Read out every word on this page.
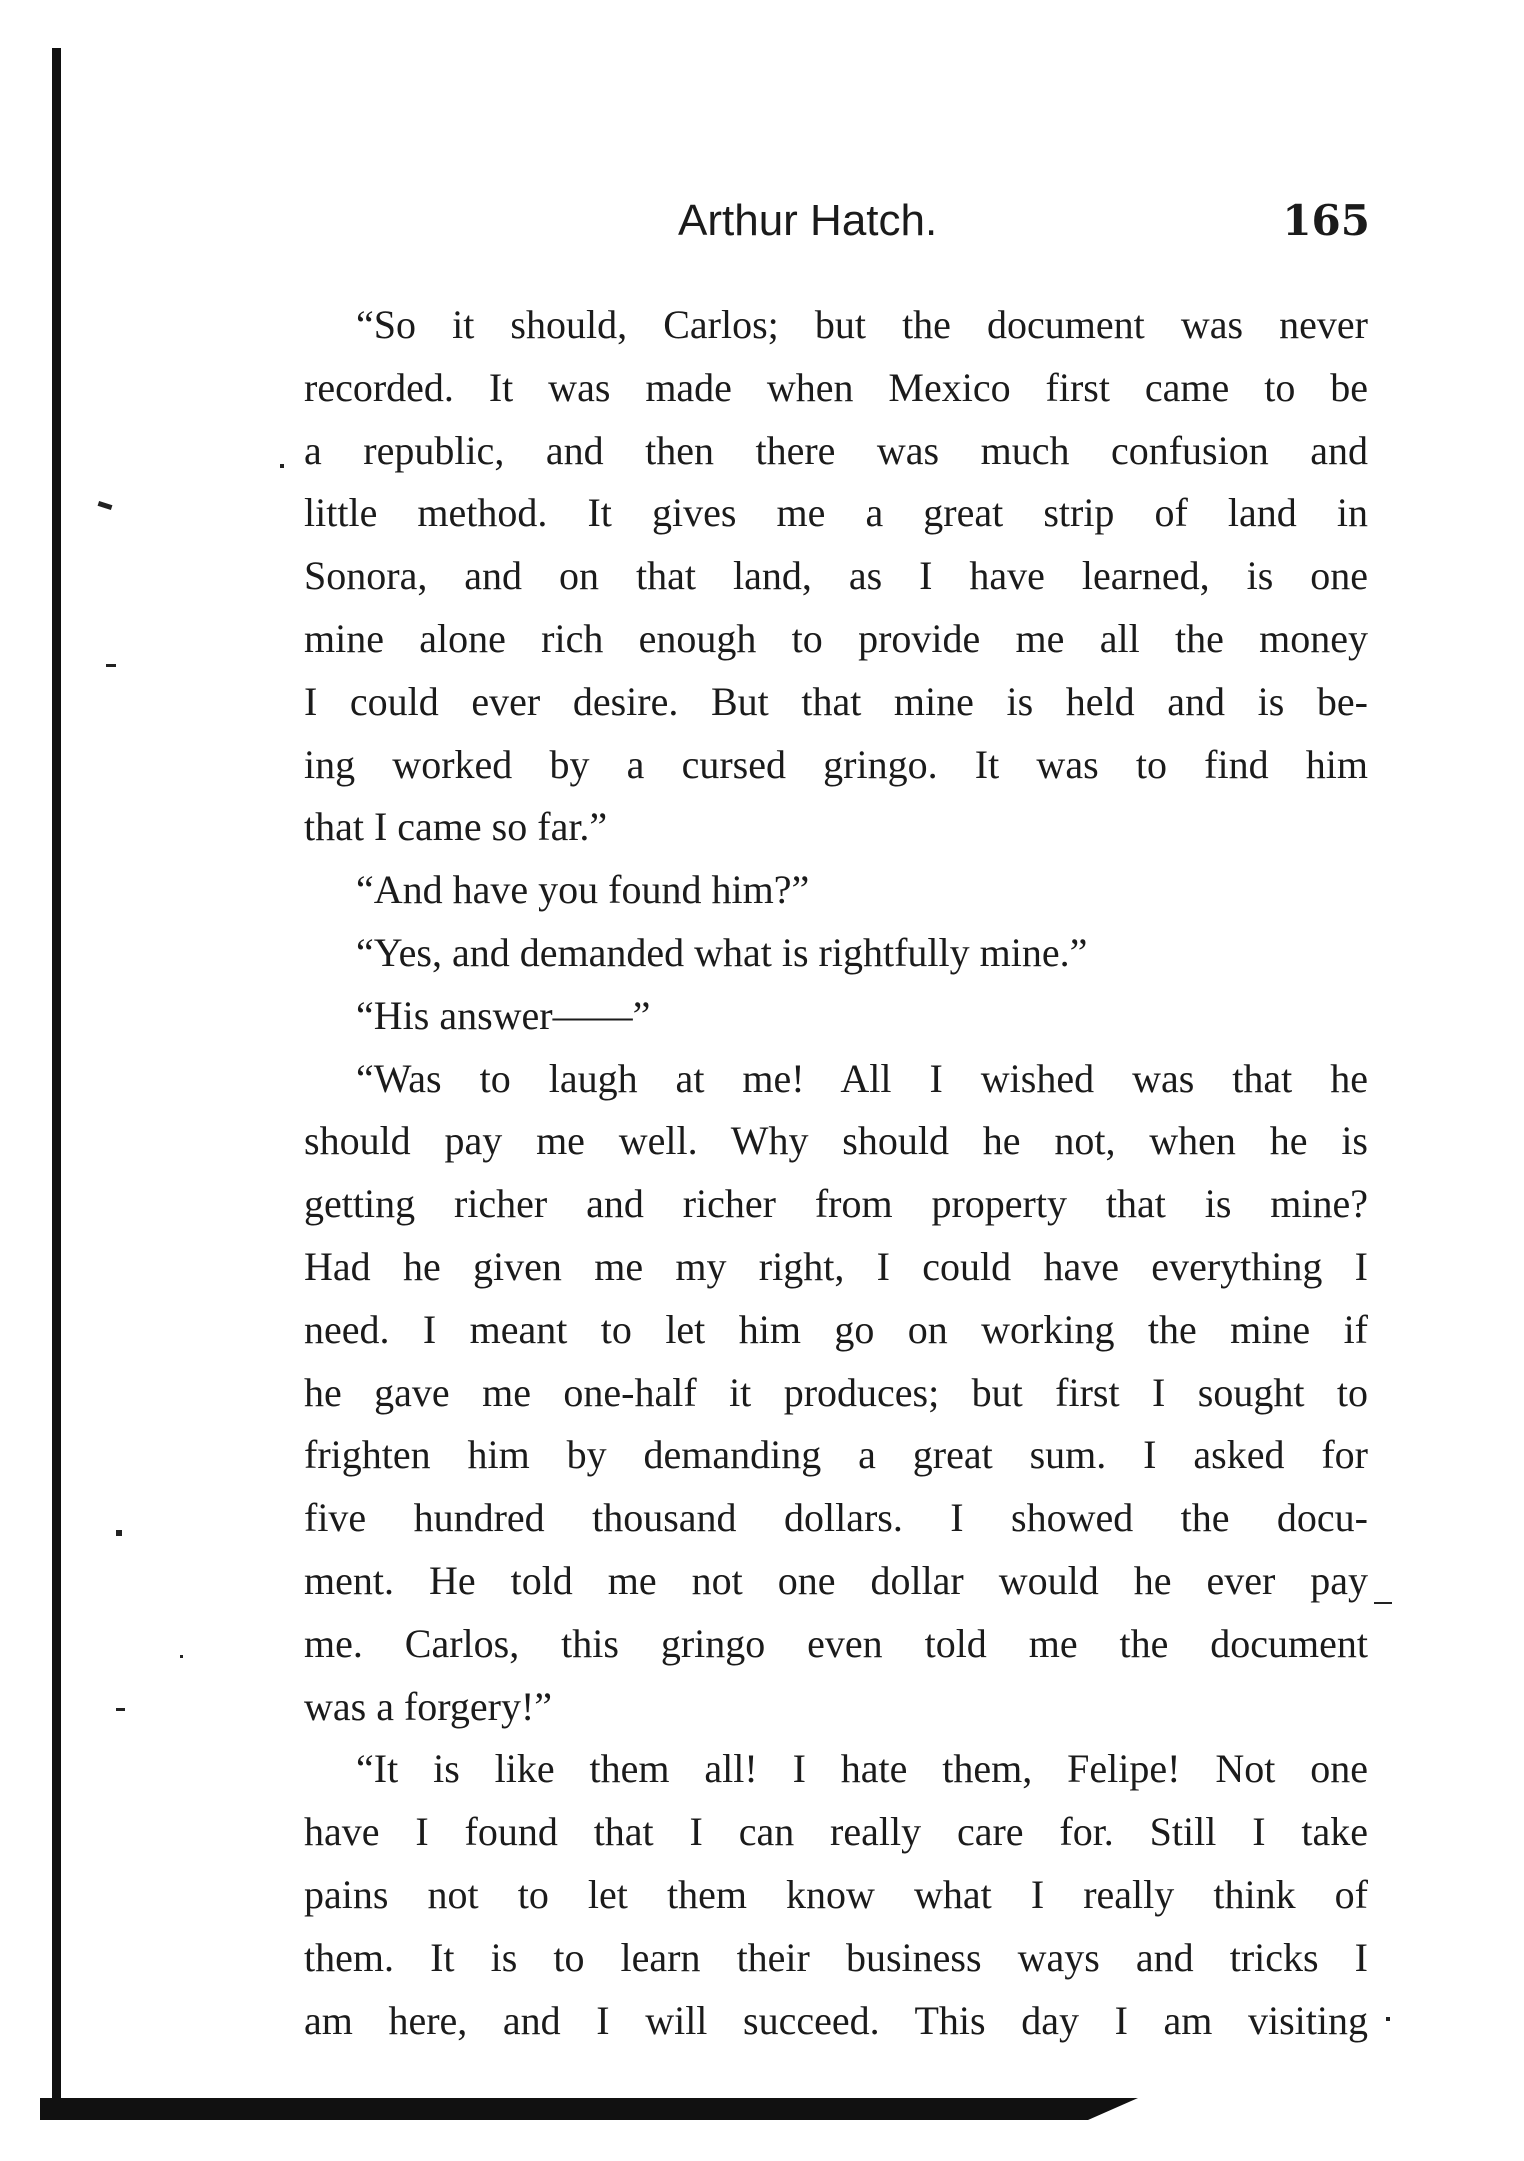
Arthur Hatch.	165
“So it should, Carlos; but the document was never
recorded. It was made when Mexico first came to be
a republic, and then there was much confusion and
little method. It gives me a great strip of land in
Sonora, and on that land, as I have learned, is one
mine alone rich enough to provide me all the money
I could ever desire. But that mine is held and is be-
ing worked by a cursed gringo. It was to find him
that I came so far.”
“And have you found him?”
“Yes, and demanded what is rightfully mine.”
“His answer——”
“Was to laugh at me! All I wished was that he
should pay me well. Why should he not, when he is
getting richer and richer from property that is mine?
Had he given me my right, I could have everything I
need. I meant to let him go on working the mine if
he gave me one-half it produces; but first I sought to
frighten him by demanding a great sum. I asked for
five hundred thousand dollars. I showed the docu-
ment. He told me not one dollar would he ever pay
me. Carlos, this gringo even told me the document
was a forgery!”
“It is like them all! I hate them, Felipe! Not one
have I found that I can really care for. Still I take
pains not to let them know what I really think of
them. It is to learn their business ways and tricks I
am here, and I will succeed. This day I am visiting
